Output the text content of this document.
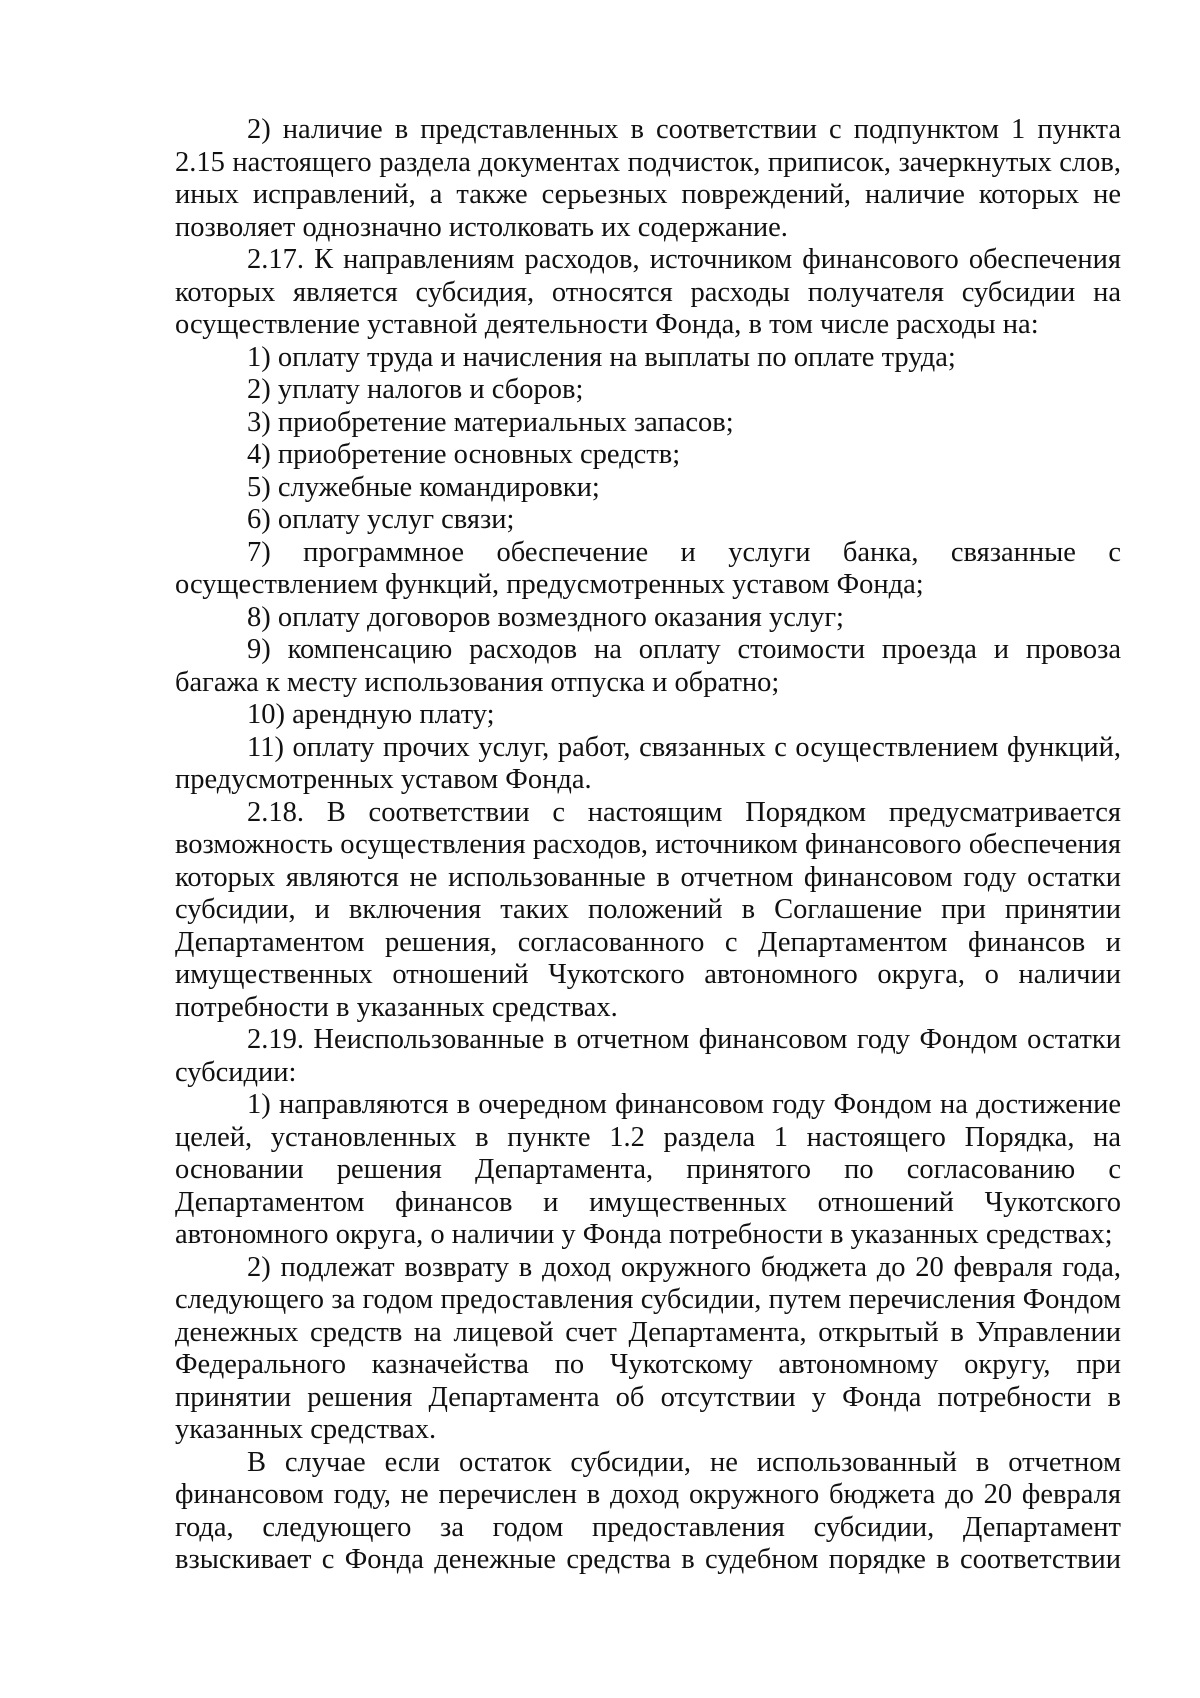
2) наличие в представленных в соответствии с подпунктом 1 пункта 2.15 настоящего раздела документах подчисток, приписок, зачеркнутых слов, иных исправлений, а также серьезных повреждений, наличие которых не позволяет однозначно истолковать их содержание.

2.17. К направлениям расходов, источником финансового обеспечения которых является субсидия, относятся расходы получателя субсидии на осуществление уставной деятельности Фонда, в том числе расходы на:

1) оплату труда и начисления на выплаты по оплате труда;

2) уплату налогов и сборов;

3) приобретение материальных запасов;

4) приобретение основных средств;

5) служебные командировки;

6) оплату услуг связи;

7) программное обеспечение и услуги банка, связанные с осуществлением функций, предусмотренных уставом Фонда;

8) оплату договоров возмездного оказания услуг;

9) компенсацию расходов на оплату стоимости проезда и провоза багажа к месту использования отпуска и обратно;

10) арендную плату;

11) оплату прочих услуг, работ, связанных с осуществлением функций, предусмотренных уставом Фонда.

2.18. В соответствии с настоящим Порядком предусматривается возможность осуществления расходов, источником финансового обеспечения которых являются не использованные в отчетном финансовом году остатки субсидии, и включения таких положений в Соглашение при принятии Департаментом решения, согласованного с Департаментом финансов и имущественных отношений Чукотского автономного округа, о наличии потребности в указанных средствах.

2.19. Неиспользованные в отчетном финансовом году Фондом остатки субсидии:

1) направляются в очередном финансовом году Фондом на достижение целей, установленных в пункте 1.2 раздела 1 настоящего Порядка, на основании решения Департамента, принятого по согласованию с Департаментом финансов и имущественных отношений Чукотского автономного округа, о наличии у Фонда потребности в указанных средствах;

2) подлежат возврату в доход окружного бюджета до 20 февраля года, следующего за годом предоставления субсидии, путем перечисления Фондом денежных средств на лицевой счет Департамента, открытый в Управлении Федерального казначейства по Чукотскому автономному округу, при принятии решения Департамента об отсутствии у Фонда потребности в указанных средствах.

В случае если остаток субсидии, не использованный в отчетном финансовом году, не перечислен в доход окружного бюджета до 20 февраля года, следующего за годом предоставления субсидии, Департамент взыскивает с Фонда денежные средства в судебном порядке в соответствии
